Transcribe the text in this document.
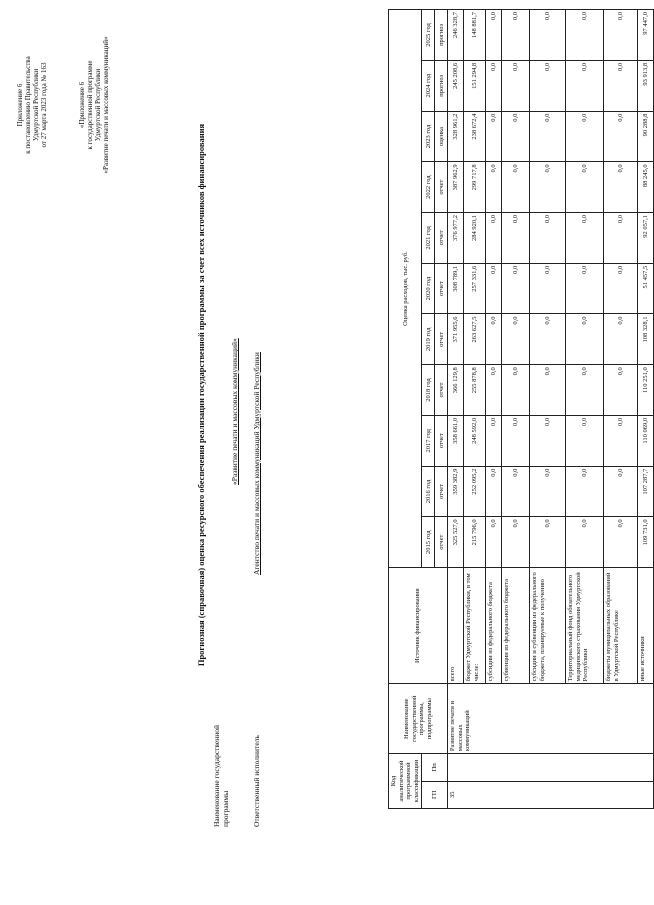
Приложение 6 к постановлению Правительства Удмуртской Республики от 27 марта 2023 года № 163	«Приложение 6 к государственной программе Удмуртской Республики «Развитие печати и массовых коммуникаций»
Прогнозная (справочная) оценка ресурсного обеспечения реализации государственной программы за счет всех источников финансирования
Наименование государственной программы
«Развитие печати и массовых коммуникаций»
Ответственный исполнитель
Агентство печати и массовых коммуникаций Удмуртской Республики
Код аналитической программной классификации		Наименование государственной программы, подпрограммы	Источник финансирования	Оценка расходов, тыс. руб.										
ГП	Пп			2015 год	2016 год	2017 год	2018 год	2019 год	2020 год	2021 год	2022 год	2023 год	2024 год	2025 год
				отчет	отчет	отчет	отчет	отчет	отчет	отчет	отчет	оценка	прогноз	прогноз
35		Развитие печати и массовых коммуникаций	всего	325 527,0	359 382,9	358 661,0	366 129,8	371 955,6	308 789,1	376 977,2	387 962,9	328 961,2	245 208,6	246 328,7
			бюджет Удмуртской Республики, в том числе:	215 796,0	252 095,2	248 592,0	255 878,8	263 627,5	257 331,6	284 920,1	299 717,8	238 672,4	151 294,8	148 881,7
			субсидии из федерального бюджета	0,0	0,0	0,0	0,0	0,0	0,0	0,0	0,0	0,0	0,0	0,0
			субвенции из федерального бюджета	0,0	0,0	0,0	0,0	0,0	0,0	0,0	0,0	0,0	0,0	0,0
			субсидии и субвенции из федерального бюджета, планируемые к получению	0,0	0,0	0,0	0,0	0,0	0,0	0,0	0,0	0,0	0,0	0,0
			Территориальный фонд обязательного медицинского страхования Удмуртской Республики	0,0	0,0	0,0	0,0	0,0	0,0	0,0	0,0	0,0	0,0	0,0
			бюджеты муниципальных образований в Удмуртской Республике	0,0	0,0	0,0	0,0	0,0	0,0	0,0	0,0	0,0	0,0	0,0
			иные источники	109 731,0	107 287,7	110 069,0	110 251,0	108 328,1	51 457,5	92 057,1	88 245,0	90 288,8	93 913,8	97 447,0
